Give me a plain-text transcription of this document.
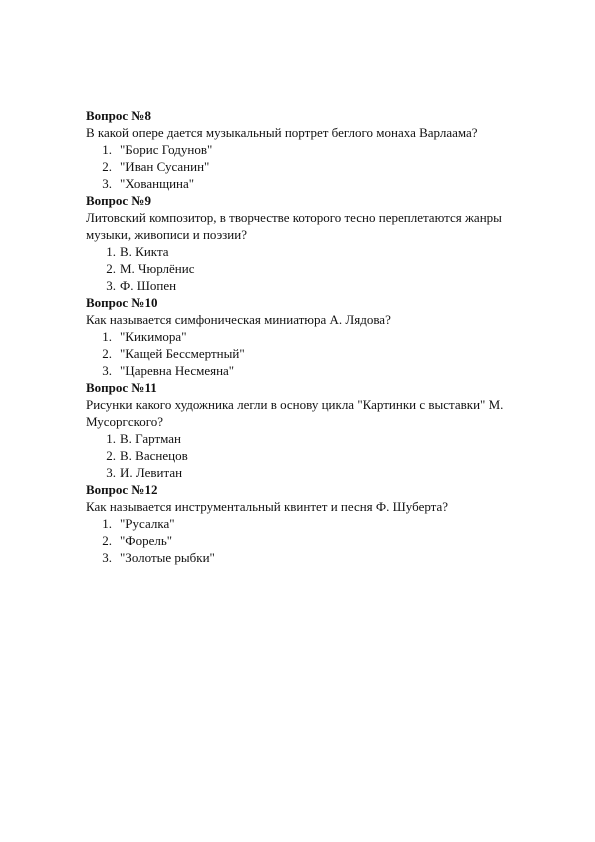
Вопрос №8

В какой опере дается музыкальный портрет беглого монаха Варлаама?

1. "Борис Годунов"
2. "Иван Сусанин"
3. "Хованщина"

Вопрос №9

Литовский композитор, в творчестве которого тесно переплетаются жанры музыки, живописи и поэзии?

1. В. Кикта
2. М. Чюрлёнис
3. Ф. Шопен

Вопрос №10

Как называется симфоническая миниатюра А. Лядова?

1. "Кикимора"
2. "Кащей Бессмертный"
3. "Царевна Несмеяна"

Вопрос №11

Рисунки какого художника легли в основу цикла "Картинки с выставки" М. Мусоргского?

1. В. Гартман
2. В. Васнецов
3. И. Левитан

Вопрос №12

Как называется инструментальный квинтет и песня Ф. Шуберта?

1. "Русалка"
2. "Форель"
3. "Золотые рыбки"
